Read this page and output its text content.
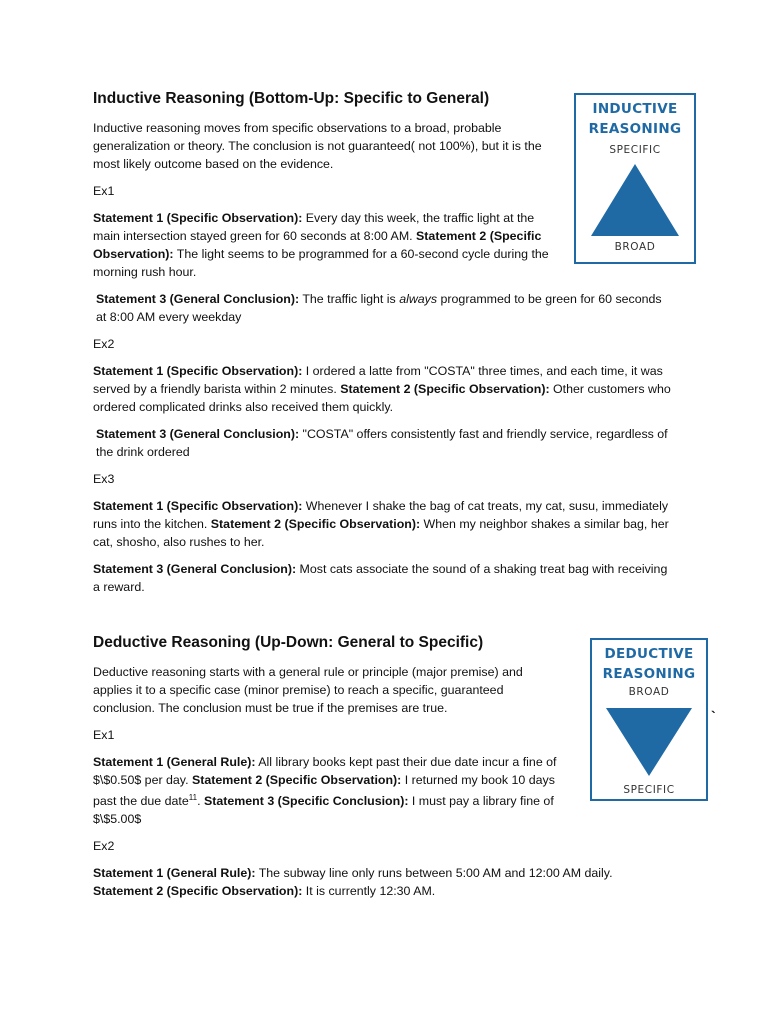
Inductive Reasoning (Bottom-Up: Specific to General)

Inductive reasoning moves from specific observations to a broad, probable generalization or theory. The conclusion is not guaranteed( not 100%), but it is the most likely outcome based on the evidence.

Ex1

Statement 1 (Specific Observation): Every day this week, the traffic light at the main intersection stayed green for 60 seconds at 8:00 AM. Statement 2 (Specific Observation): The light seems to be programmed for a 60-second cycle during the morning rush hour.

Statement 3 (General Conclusion): The traffic light is always programmed to be green for 60 seconds at 8:00 AM every weekday

Ex2

Statement 1 (Specific Observation): I ordered a latte from "COSTA" three times, and each time, it was served by a friendly barista within 2 minutes. Statement 2 (Specific Observation): Other customers who ordered complicated drinks also received them quickly.

Statement 3 (General Conclusion): "COSTA" offers consistently fast and friendly service, regardless of the drink ordered

Ex3

Statement 1 (Specific Observation): Whenever I shake the bag of cat treats, my cat, susu, immediately runs into the kitchen. Statement 2 (Specific Observation): When my neighbor shakes a similar bag, her cat, shosho, also rushes to her.

Statement 3 (General Conclusion): Most cats associate the sound of a shaking treat bag with receiving a reward.

INDUCTIVE
REASONING
SPECIFIC
BROAD
Deductive Reasoning (Up-Down: General to Specific)

Deductive reasoning starts with a general rule or principle (major premise) and applies it to a specific case (minor premise) to reach a specific, guaranteed conclusion. The conclusion must be true if the premises are true.

Ex1

Statement 1 (General Rule): All library books kept past their due date incur a fine of $\$0.50$ per day. Statement 2 (Specific Observation): I returned my book 10 days past the due date$^{11}$. Statement 3 (Specific Conclusion): I must pay a library fine of $\$5.00$

Ex2

Statement 1 (General Rule): The subway line only runs between 5:00 AM and 12:00 AM daily.
Statement 2 (Specific Observation): It is currently 12:30 AM.

DEDUCTIVE
REASONING
BROAD
SPECIFIC
`
